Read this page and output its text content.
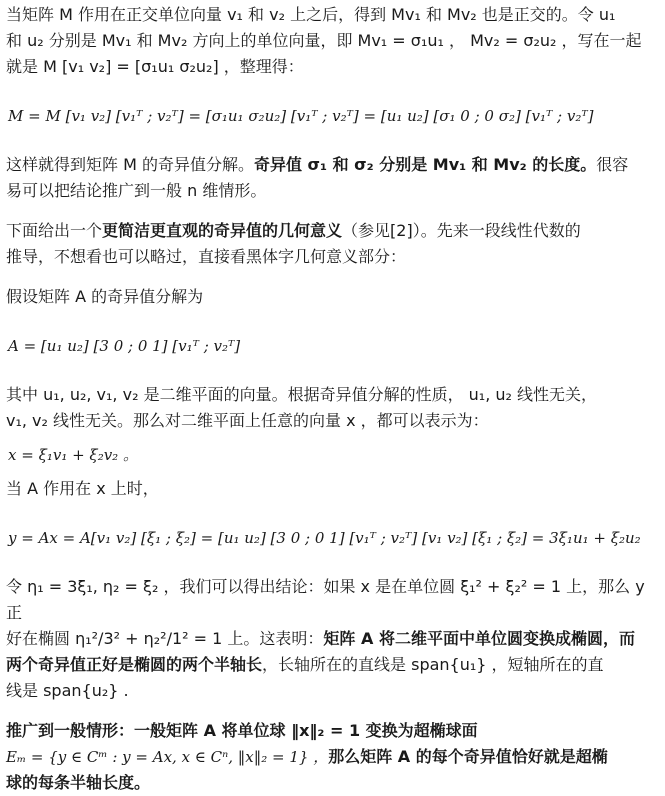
当矩阵 M 作用在正交单位向量 v₁ 和 v₂ 上之后，得到 Mv₁ 和 Mv₂ 也是正交的。令 u₁

和 u₂ 分别是 Mv₁ 和 Mv₂ 方向上的单位向量，即 Mv₁ = σ₁u₁ ， Mv₂ = σ₂u₂ ，写在一起

就是 M [v₁ v₂] = [σ₁u₁ σ₂u₂] ，整理得：

M = M [v₁ v₂] [v₁ᵀ ; v₂ᵀ] = [σ₁u₁ σ₂u₂] [v₁ᵀ ; v₂ᵀ] = [u₁ u₂] [σ₁ 0 ; 0 σ₂] [v₁ᵀ ; v₂ᵀ]

这样就得到矩阵 M 的奇异值分解。奇异值 σ₁ 和 σ₂ 分别是 Mv₁ 和 Mv₂ 的长度。很容

易可以把结论推广到一般 n 维情形。

下面给出一个更简洁更直观的奇异值的几何意义（参见[2]）。先来一段线性代数的

推导，不想看也可以略过，直接看黑体字几何意义部分：

假设矩阵 A 的奇异值分解为

A = [u₁ u₂] [3 0 ; 0 1] [v₁ᵀ ; v₂ᵀ]

其中 u₁, u₂, v₁, v₂ 是二维平面的向量。根据奇异值分解的性质， u₁, u₂ 线性无关，

v₁, v₂ 线性无关。那么对二维平面上任意的向量 x ，都可以表示为：

x = ξ₁v₁ + ξ₂v₂ 。

当 A 作用在 x 上时，

y = Ax = A[v₁ v₂] [ξ₁ ; ξ₂] = [u₁ u₂] [3 0 ; 0 1] [v₁ᵀ ; v₂ᵀ] [v₁ v₂] [ξ₁ ; ξ₂] = 3ξ₁u₁ + ξ₂u₂

令 η₁ = 3ξ₁, η₂ = ξ₂ ，我们可以得出结论：如果 x 是在单位圆 ξ₁² + ξ₂² = 1 上，那么 y 正

好在椭圆 η₁²/3² + η₂²/1² = 1 上。这表明：矩阵 A 将二维平面中单位圆变换成椭圆，而

两个奇异值正好是椭圆的两个半轴长，长轴所在的直线是 span{u₁} ，短轴所在的直

线是 span{u₂} .

推广到一般情形：一般矩阵 A 将单位球 ‖x‖₂ = 1 变换为超椭球面

Eₘ = {y ∈ Cᵐ : y = Ax, x ∈ Cⁿ, ‖x‖₂ = 1} ，那么矩阵 A 的每个奇异值恰好就是超椭

球的每条半轴长度。
